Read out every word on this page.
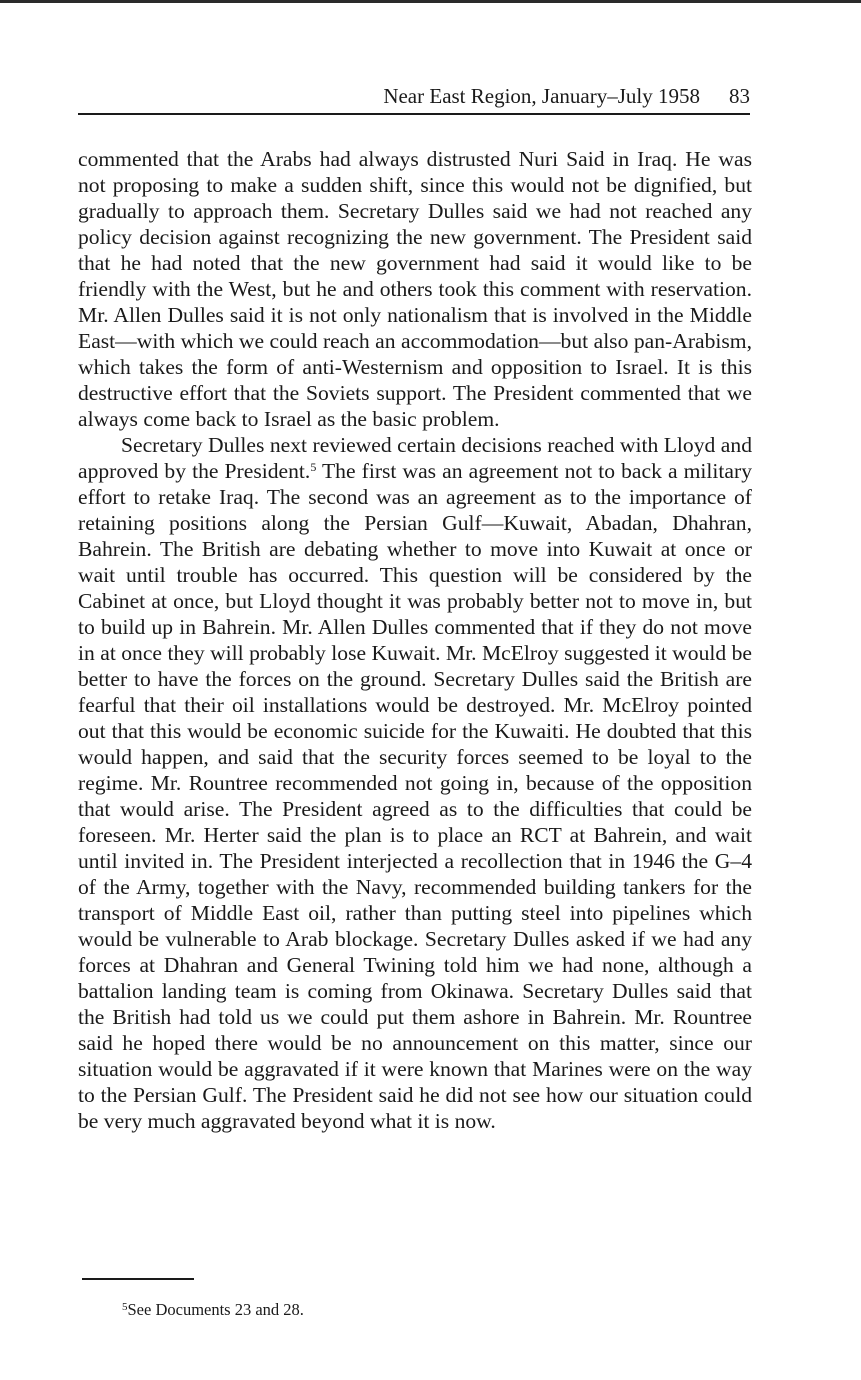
Near East Region, January–July 1958 83

commented that the Arabs had always distrusted Nuri Said in Iraq. He was not proposing to make a sudden shift, since this would not be dignified, but gradually to approach them. Secretary Dulles said we had not reached any policy decision against recognizing the new government. The President said that he had noted that the new government had said it would like to be friendly with the West, but he and others took this comment with reservation. Mr. Allen Dulles said it is not only nationalism that is involved in the Middle East—with which we could reach an accommodation—but also pan-Arabism, which takes the form of anti-Westernism and opposition to Israel. It is this destructive effort that the Soviets support. The President commented that we always come back to Israel as the basic problem.

Secretary Dulles next reviewed certain decisions reached with Lloyd and approved by the President.$^5$ The first was an agreement not to back a military effort to retake Iraq. The second was an agreement as to the importance of retaining positions along the Persian Gulf—Kuwait, Abadan, Dhahran, Bahrein. The British are debating whether to move into Kuwait at once or wait until trouble has occurred. This question will be considered by the Cabinet at once, but Lloyd thought it was probably better not to move in, but to build up in Bahrein. Mr. Allen Dulles commented that if they do not move in at once they will probably lose Kuwait. Mr. McElroy suggested it would be better to have the forces on the ground. Secretary Dulles said the British are fearful that their oil installations would be destroyed. Mr. McElroy pointed out that this would be economic suicide for the Kuwaiti. He doubted that this would happen, and said that the security forces seemed to be loyal to the regime. Mr. Rountree recommended not going in, because of the opposition that would arise. The President agreed as to the difficulties that could be foreseen. Mr. Herter said the plan is to place an RCT at Bahrein, and wait until invited in. The President interjected a recollection that in 1946 the G–4 of the Army, together with the Navy, recommended building tankers for the transport of Middle East oil, rather than putting steel into pipelines which would be vulnerable to Arab blockage. Secretary Dulles asked if we had any forces at Dhahran and General Twining told him we had none, although a battalion landing team is coming from Okinawa. Secretary Dulles said that the British had told us we could put them ashore in Bahrein. Mr. Rountree said he hoped there would be no announcement on this matter, since our situation would be aggravated if it were known that Marines were on the way to the Persian Gulf. The President said he did not see how our situation could be very much aggravated beyond what it is now.

$^5$See Documents 23 and 28.
